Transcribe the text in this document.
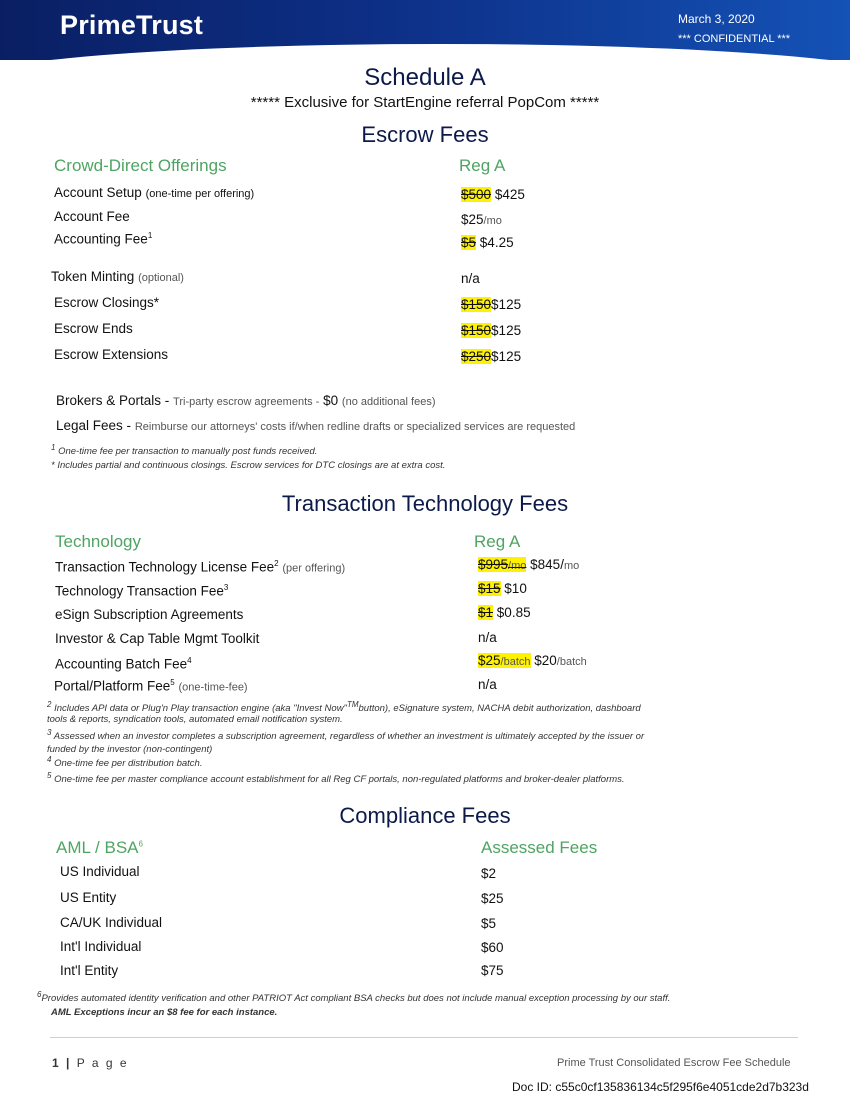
PrimeTrust	March 3, 2020
*** CONFIDENTIAL ***
Schedule A
***** Exclusive for StartEngine referral PopCom *****
Escrow Fees
Crowd-Direct Offerings	Reg A
Account Setup (one-time per offering)	$500 $425
Account Fee	$25/mo
Accounting Fee$^1$	$5 $4.25
Token Minting (optional)	n/a
Escrow Closings*	$150$125
Escrow Ends	$150$125
Escrow Extensions	$250$125
Brokers & Portals - Tri-party escrow agreements - $0 (no additional fees)
Legal Fees - Reimburse our attorneys' costs if/when redline drafts or specialized services are requested
$^1$ One-time fee per transaction to manually post funds received.
* Includes partial and continuous closings. Escrow services for DTC closings are at extra cost.
Transaction Technology Fees
Technology	Reg A
Transaction Technology License Fee$^2$ (per offering)	$995/mo $845/mo
Technology Transaction Fee$^3$	$15 $10
eSign Subscription Agreements	$1 $0.85
Investor & Cap Table Mgmt Toolkit	n/a
Accounting Batch Fee$^4$	$25/batch $20/batch
Portal/Platform Fee$^5$ (one-time-fee)	n/a
$^2$ Includes API data or Plug'n Play transaction engine (aka "Invest Now"™button), eSignature system, NACHA debit authorization, dashboard
tools & reports, syndication tools, automated email notification system.
$^3$ Assessed when an investor completes a subscription agreement, regardless of whether an investment is ultimately accepted by the issuer or
funded by the investor (non-contingent)
$^4$ One-time fee per distribution batch.
$^5$ One-time fee per master compliance account establishment for all Reg CF portals, non-regulated platforms and broker-dealer platforms.
Compliance Fees
AML / BSA$^6$	Assessed Fees
US Individual	$2
US Entity	$25
CA/UK Individual	$5
Int'l Individual	$60
Int'l Entity	$75
$^6$Provides automated identity verification and other PATRIOT Act compliant BSA checks but does not include manual exception processing by our staff.
AML Exceptions incur an $8 fee for each instance.
1 | P a g e	Prime Trust Consolidated Escrow Fee Schedule
Doc ID: c55c0cf135836134c5f295f6e4051cde2d7b323d
